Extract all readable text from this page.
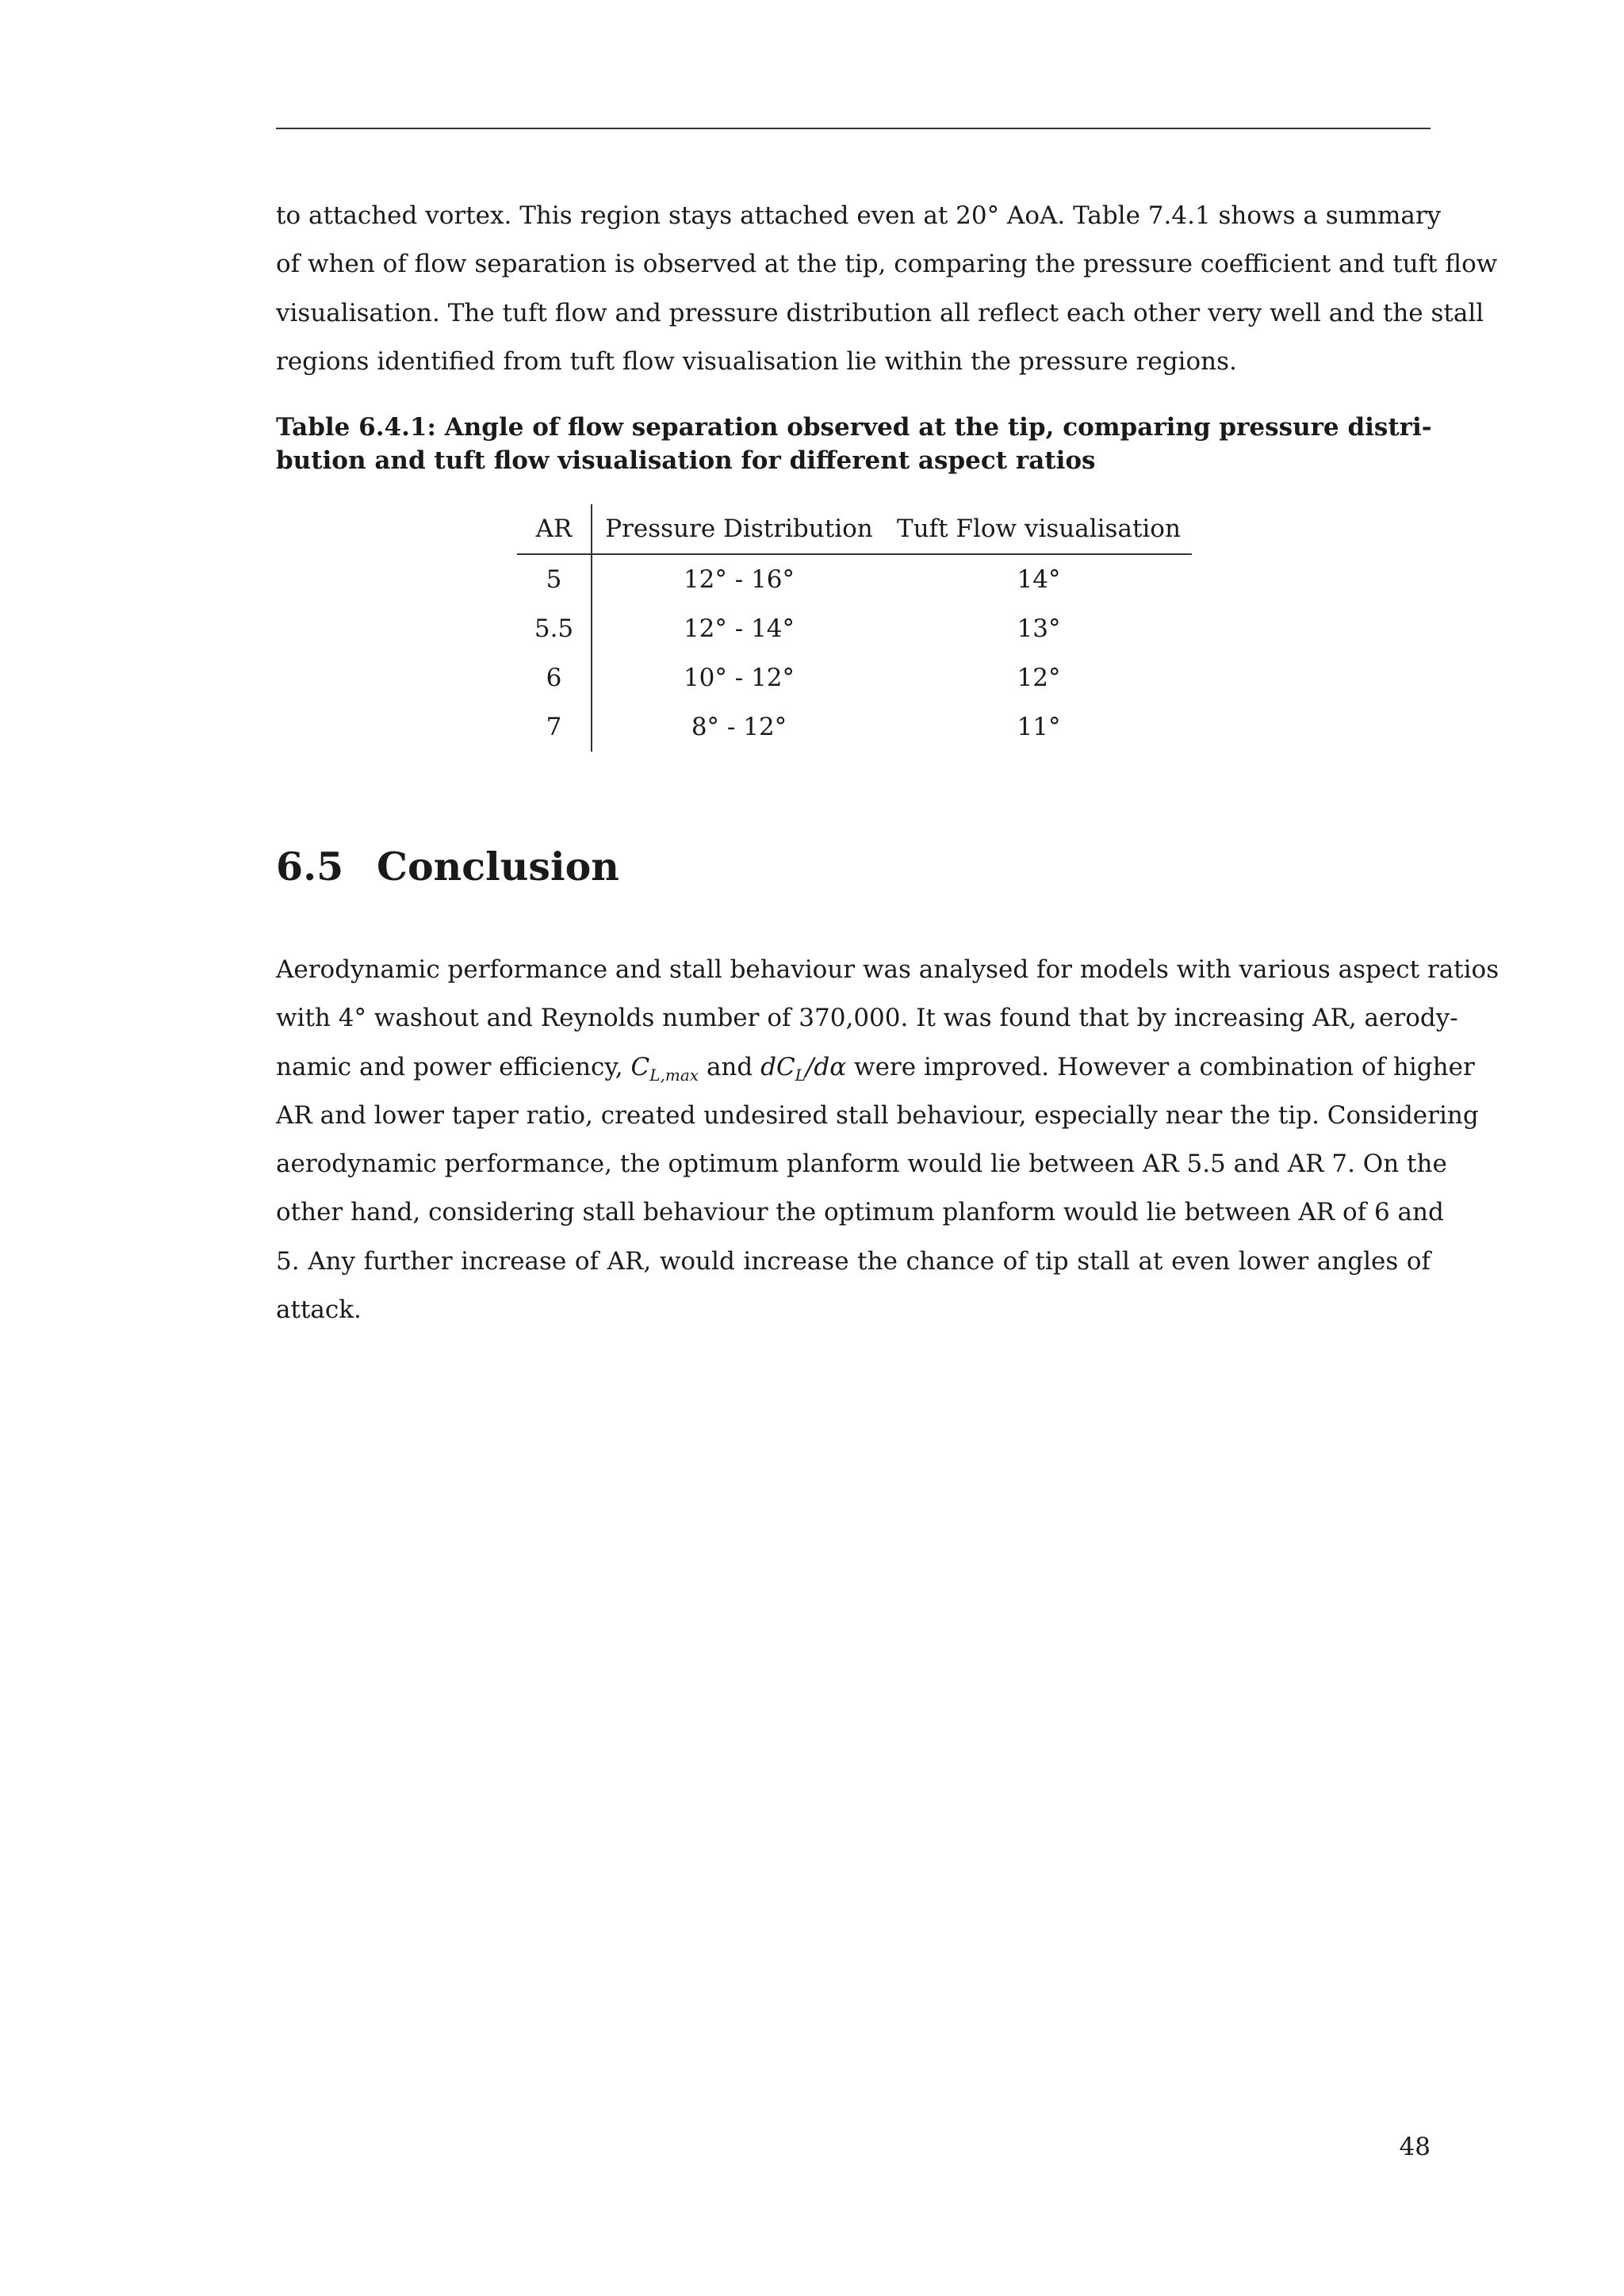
to attached vortex. This region stays attached even at 20° AoA. Table 7.4.1 shows a summary
of when of flow separation is observed at the tip, comparing the pressure coefficient and tuft flow
visualisation. The tuft flow and pressure distribution all reflect each other very well and the stall
regions identified from tuft flow visualisation lie within the pressure regions.

Table 6.4.1: Angle of flow separation observed at the tip, comparing pressure distri-
bution and tuft flow visualisation for different aspect ratios
AR	Pressure Distribution	Tuft Flow visualisation
5	12° - 16°	14°
5.5	12° - 14°	13°
6	10° - 12°	12°
7	8° - 12°	11°
6.5 Conclusion

Aerodynamic performance and stall behaviour was analysed for models with various aspect ratios
with 4° washout and Reynolds number of 370,000. It was found that by increasing AR, aerody-
namic and power efficiency, $C_{L,max}$ and $dC_L/d\alpha$ were improved. However a combination of higher
AR and lower taper ratio, created undesired stall behaviour, especially near the tip. Considering
aerodynamic performance, the optimum planform would lie between AR 5.5 and AR 7. On the
other hand, considering stall behaviour the optimum planform would lie between AR of 6 and
5. Any further increase of AR, would increase the chance of tip stall at even lower angles of
attack.

48
